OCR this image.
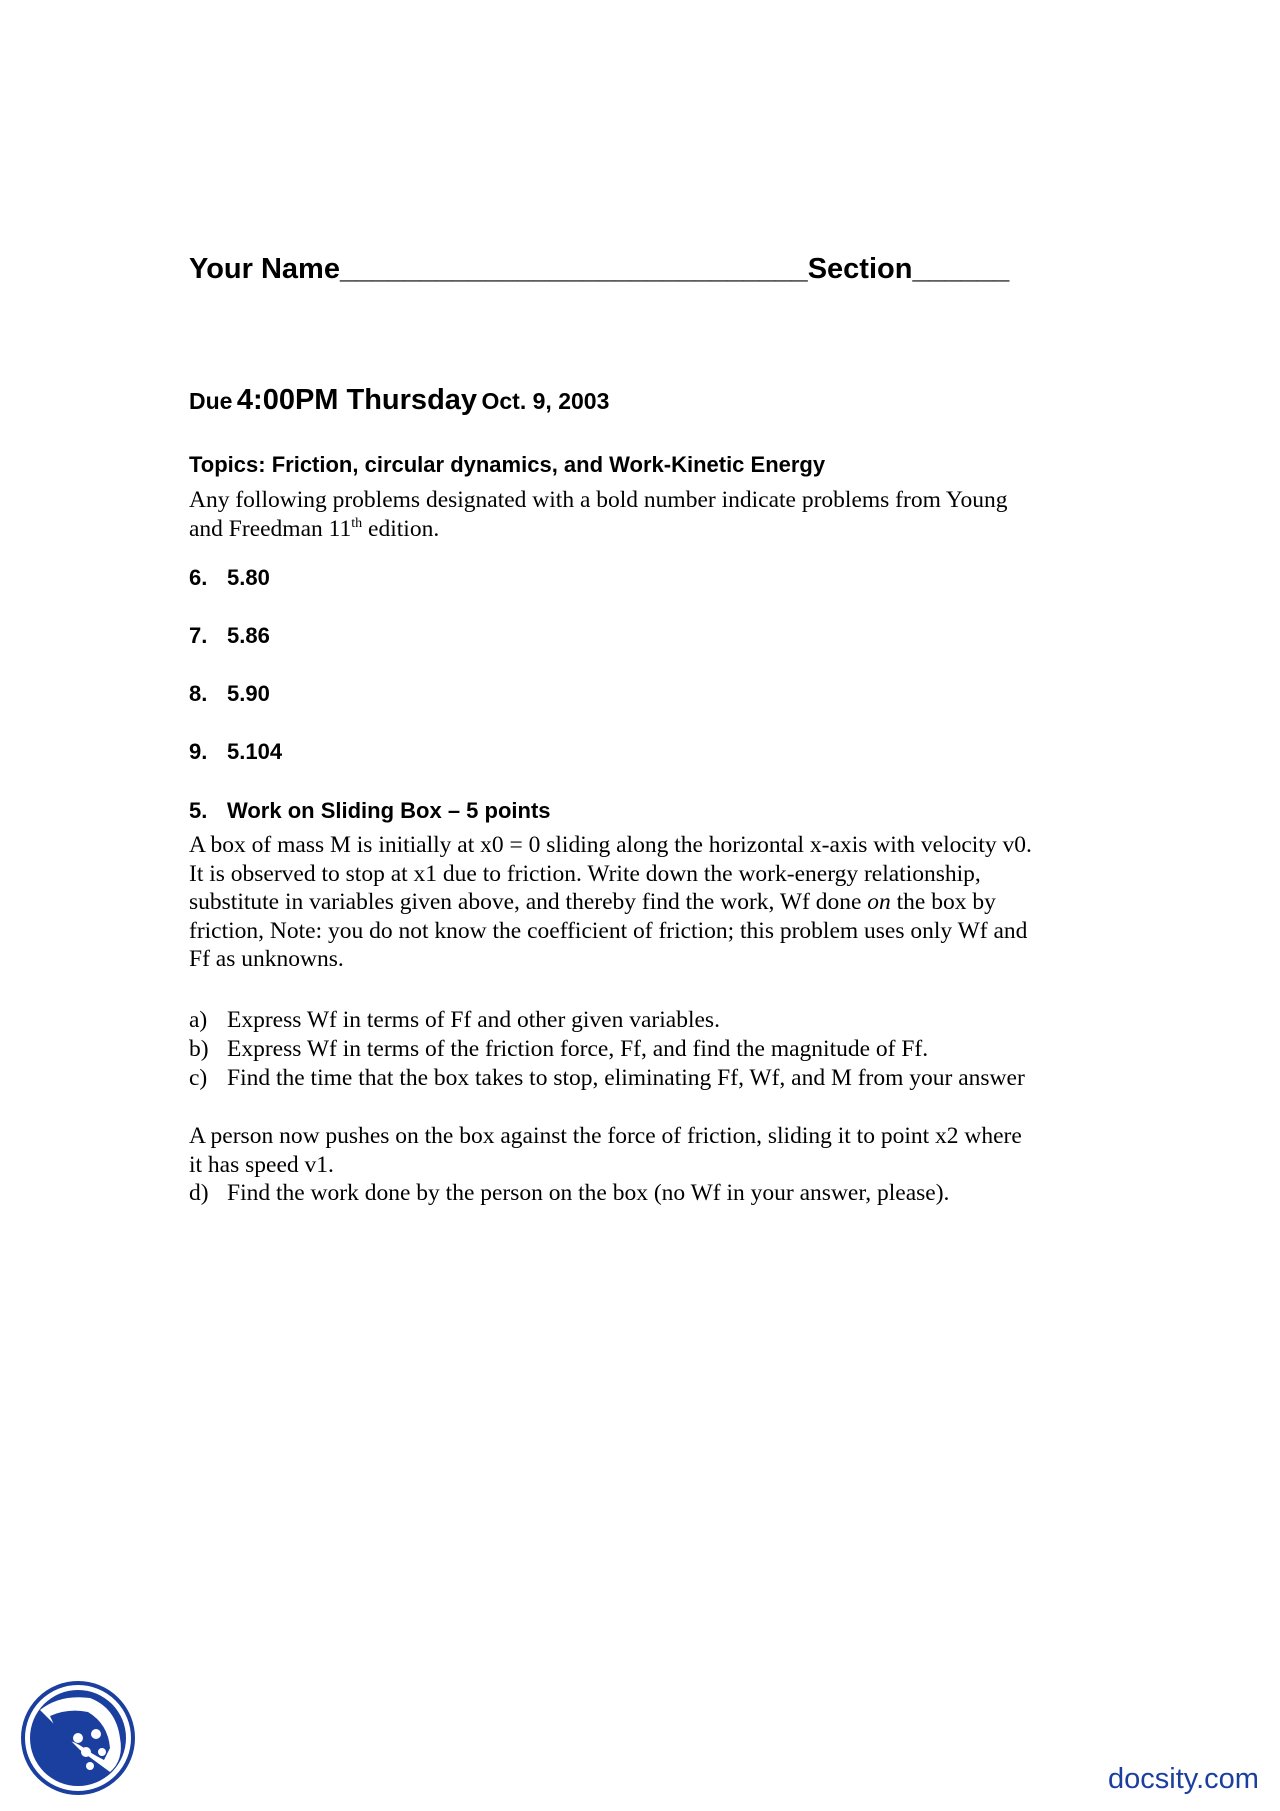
Your Name_____________________________Section______
Due 4:00PM Thursday Oct. 9, 2003
Topics: Friction, circular dynamics, and Work-Kinetic Energy
Any following problems designated with a bold number indicate problems from Young
and Freedman 11th edition.
6. 5.80
7. 5.86
8. 5.90
9. 5.104
5. Work on Sliding Box – 5 points
A box of mass M is initially at x0 = 0 sliding along the horizontal x-axis with velocity v0.
It is observed to stop at x1 due to friction. Write down the work-energy relationship,
substitute in variables given above, and thereby find the work, Wf done on the box by
friction, Note: you do not know the coefficient of friction; this problem uses only Wf and
Ff as unknowns.
a) Express Wf in terms of Ff and other given variables.
b) Express Wf in terms of the friction force, Ff, and find the magnitude of Ff.
c) Find the time that the box takes to stop, eliminating Ff, Wf, and M from your answer
A person now pushes on the box against the force of friction, sliding it to point x2 where
it has speed v1.
d) Find the work done by the person on the box (no Wf in your answer, please).
docsity.com
